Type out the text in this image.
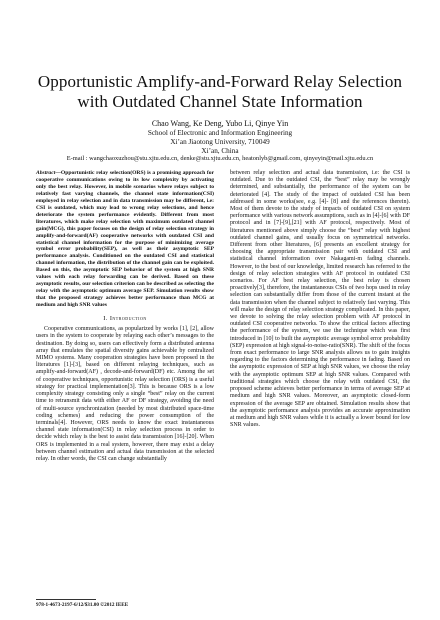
Opportunistic Amplify-and-Forward Relay Selection
with Outdated Channel State Information
Chao Wang, Ke Deng, Yubo Li, Qinye Yin
School of Electronic and Information Engineering
Xi’an Jiaotong University, 710049
Xi’an, China
E-mail : wangchaoxuzhou@stu.xjtu.edu.cn, denke@stu.xjtu.edu.cn, heatonlyb@gmail.com, qinyeyin@mail.xjtu.edu.cn
Abstract—Opportunistic relay selection(ORS) is a promising approach for cooperative communications owing to its low complexity by activating only the best relay. However, in mobile scenarios where relays subject to relatively fast varying channels, the channel state information(CSI) employed in relay selection and in data transmission may be different, i.e: CSI is outdated, which may lead to wrong relay selections, and hence deteriorate the system performance evidently. Different from most literatures, which make relay selection with maximum outdated channel gain(MCG), this paper focuses on the design of relay selection strategy in amplify-and-forward(AF) cooperative networks with outdated CSI and statistical channel information for the purpose of minimizing average symbol error probability(SEP), as well as their asymptotic SEP performance analysis. Conditioned on the outdated CSI and statistical channel information, the distribution of the channel gain can be exploited. Based on this, the asymptotic SEP behavior of the system at high SNR values with each relay forwarding can be derived. Based on these asymptotic results, our selection criterion can be described as selecting the relay with the asymptotic optimum average SEP. Simulation results show that the proposed strategy achieves better performance than MCG at medium and high SNR values
I. Introduction

Cooperative communications, as popularized by works [1], [2], allow users in the system to cooperate by relaying each other’s messages to the destination. By doing so, users can effectively form a distributed antenna array that emulates the spatial diversity gains achievable by centralized MIMO systems. Many cooperation strategies have been proposed in the literatures [1]-[3], based on different relaying techniques, such as amplify-and-forward(AF) , decode-and-forward(DF) etc. Among the set of cooperative techniques, opportunistic relay selection (ORS) is a useful strategy for practical implementation[3]. This is because ORS is a low complexity strategy consisting only a single “best” relay on the current time to retransmit data with either AF or DF strategy, avoiding the need of multi-source synchronization (needed by most distributed space-time coding schemes) and reducing the power consumption of the terminals[4]. However, ORS needs to know the exact instantaneous channel state information(CSI) in relay selection process in order to decide which relay is the best to assist data transmission [16]-[20]. When ORS is implemented in a real system, however, there may exist a delay between channel estimation and actual data transmission at the selected relay. In other words, the CSI can change substantially

between relay selection and actual data transmission, i.e: the CSI is outdated. Due to the outdated CSI, the “best” relay may be wrongly determined, and substantially, the performance of the system can be deteriorated [4]. The study of the impact of outdated CSI has been addressed in some works(see, e.g. [4]- [8] and the references therein). Most of them devote to the study of impacts of outdated CSI on system performance with various network assumptions, such as in [4]-[6] with DF protocol and in [7]-[9],[21] with AF protocol, respectively. Most of literatures mentioned above simply choose the “best” relay with highest outdated channel gains, and usually focus on symmetrical networks. Different from other literatures, [6] presents an excellent strategy for choosing the appropriate transmission pair with outdated CSI and statistical channel information over Nakagami-m fading channels. However, to the best of our knowledge, limited research has referred to the design of relay selection strategies with AF protocol in outdated CSI scenarios. For AF best relay selection, the best relay is chosen proactively[3], therefore, the instantaneous CSIs of two hops used in relay selection can substantially differ from those of the current instant at the data transmission when the channel subject to relatively fast varying. This will make the design of relay selection strategy complicated. In this paper, we devote to solving the relay selection problem with AF protocol in outdated CSI cooperative networks. To show the critical factors affecting the performance of the system, we use the technique which was first introduced in [10] to built the asymptotic average symbol error probability (SEP) expression at high signal-to-noise-ratio(SNR). The shift of the focus from exact performance to large SNR analysis allows us to gain insights regarding to the factors determining the performance in fading. Based on the asymptotic expression of SEP at high SNR values, we choose the relay with the asymptotic optimum SEP at high SNR values. Compared with traditional strategies which choose the relay with outdated CSI, the proposed scheme achieves better performance in terms of average SEP at medium and high SNR values. Moreover, an asymptotic closed-form expression of the average SEP are obtained. Simulation results show that the asymptotic performance analysis provides an accurate approximation at medium and high SNR values while it is actually a lower bound for low SNR values.

978-1-4673-2197-6/12/$31.00 ©2012 IEEE
